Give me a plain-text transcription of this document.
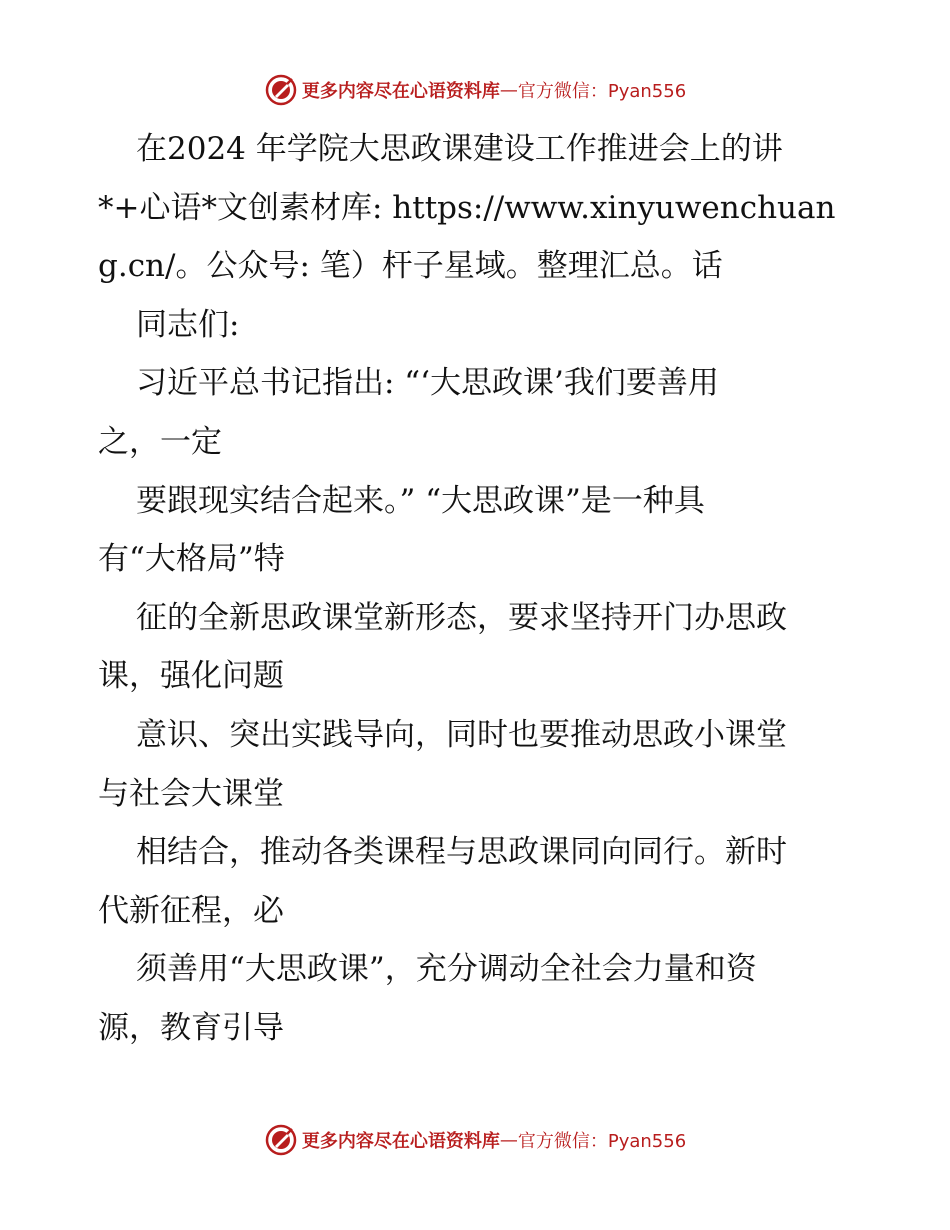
更多内容尽在心语资料库 — 官方微信：Pyan556
在2024 年学院大思政课建设工作推进会上的讲
*+心语*文创素材库: https://www.xinyuwenchuan
g.cn/。公众号: 笔）杆子星域。整理汇总。话
同志们:
习近平总书记指出: “‘大思政课’我们要善用
之，一定
要跟现实结合起来。” “大思政课”是一种具
有“大格局”特
征的全新思政课堂新形态，要求坚持开门办思政
课，强化问题
意识、突出实践导向，同时也要推动思政小课堂
与社会大课堂
相结合，推动各类课程与思政课同向同行。新时
代新征程，必
须善用“大思政课”，充分调动全社会力量和资
源，教育引导
更多内容尽在心语资料库 — 官方微信：Pyan556
